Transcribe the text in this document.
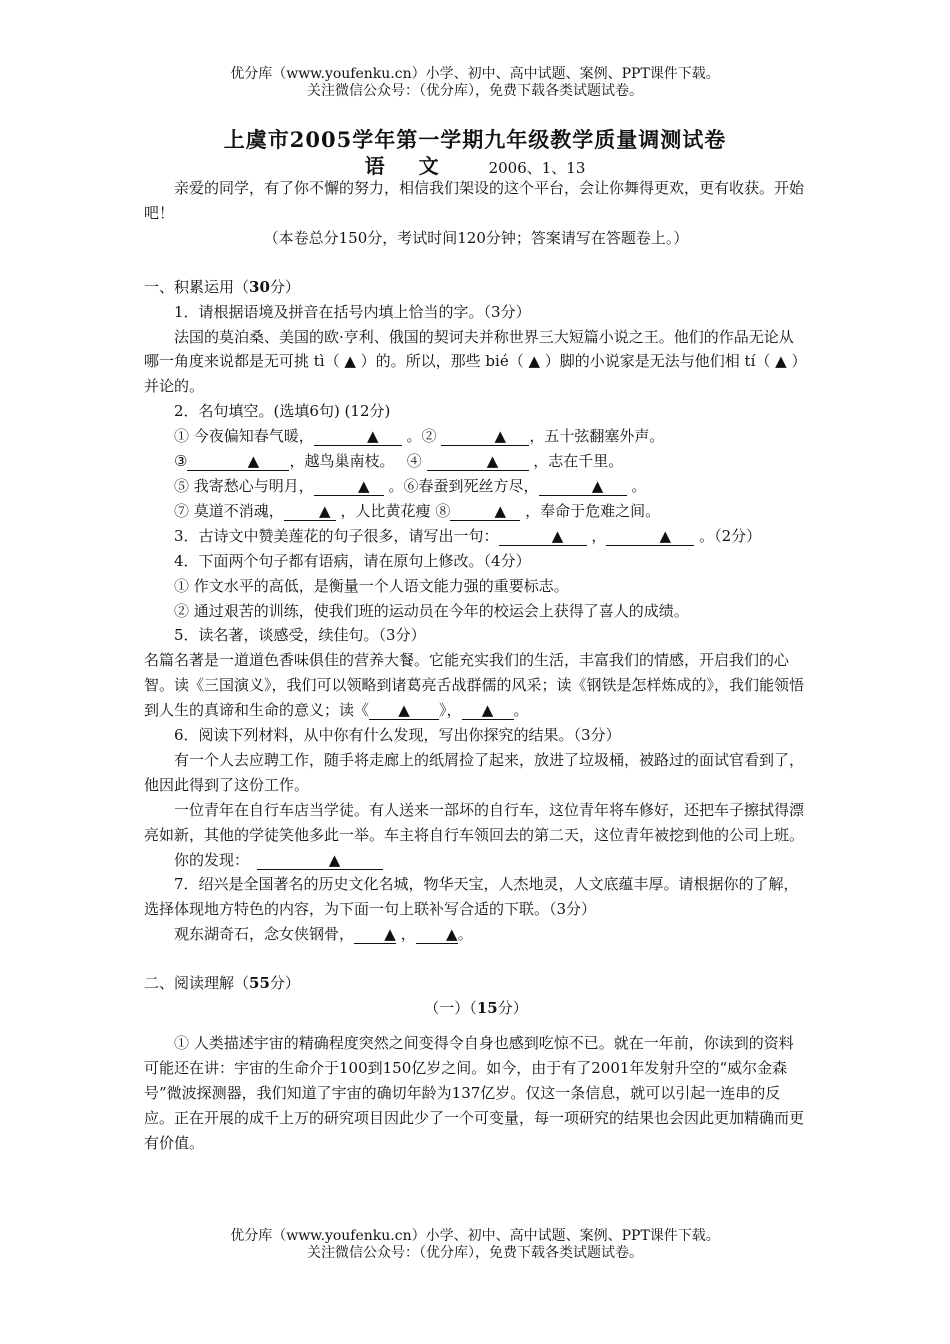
优分库（www.youfenku.cn）小学、初中、高中试题、案例、PPT课件下载。
关注微信公众号：（优分库），免费下载各类试题试卷。
上虞市2005学年第一学期九年级教学质量调测试卷
语文 2006、1、13

亲爱的同学，有了你不懈的努力，相信我们架设的这个平台，会让你舞得更欢，更有收获。开始吧！

（本卷总分150分，考试时间120分钟；答案请写在答题卷上。）

一、积累运用（30分）

1．请根据语境及拼音在括号内填上恰当的字。（3分）

法国的莫泊桑、美国的欧·亨利、俄国的契诃夫并称世界三大短篇小说之王。他们的作品无论从哪一角度来说都是无可挑 tì（ ▲ ）的。所以，那些 bié（ ▲ ）脚的小说家是无法与他们相 tí（ ▲ ）并论的。

2．名句填空。(选填6句) (12分)

① 今夜偏知春气暖，	▲ 。②	▲ ，五十弦翻塞外声。

③	▲ ，越鸟巢南枝。　 ④	▲ ，志在千里。

⑤ 我寄愁心与明月，	▲ 。⑥春蚕到死丝方尽，	▲ 。

⑦ 莫道不消魂， ▲ ，人比黄花瘦 ⑧	▲ ，奉命于危难之间。

3．古诗文中赞美莲花的句子很多，请写出一句：	▲ ，	▲ 。（2分）

4．下面两个句子都有语病，请在原句上修改。（4分）

① 作文水平的高低，是衡量一个人语文能力强的重要标志。

② 通过艰苦的训练，使我们班的运动员在今年的校运会上获得了喜人的成绩。

5．读名著，谈感受，续佳句。（3分）

名篇名著是一道道色香味俱佳的营养大餐。它能充实我们的生活，丰富我们的情感，开启我们的心智。读《三国演义》，我们可以领略到诸葛亮舌战群儒的风采；读《钢铁是怎样炼成的》，我们能领悟到人生的真谛和生命的意义；读《 ▲ 》， ▲ 。

6．阅读下列材料，从中你有什么发现，写出你探究的结果。（3分）

有一个人去应聘工作，随手将走廊上的纸屑捡了起来，放进了垃圾桶，被路过的面试官看到了，他因此得到了这份工作。

一位青年在自行车店当学徒。有人送来一部坏的自行车，这位青年将车修好，还把车子擦拭得漂亮如新，其他的学徒笑他多此一举。车主将自行车领回去的第二天，这位青年被挖到他的公司上班。

你的发现：　	▲

7．绍兴是全国著名的历史文化名城，物华天宝，人杰地灵，人文底蕴丰厚。请根据你的了解，选择体现地方特色的内容，为下面一句上联补写合适的下联。（3分）

观东湖奇石，念女侠钢骨， ▲ ， ▲。

二、阅读理解（55分）

（一）（15分）

① 人类描述宇宙的精确程度突然之间变得令自身也感到吃惊不已。就在一年前，你读到的资料可能还在讲：宇宙的生命介于100到150亿岁之间。如今，由于有了2001年发射升空的“威尔金森号”微波探测器，我们知道了宇宙的确切年龄为137亿岁。仅这一条信息，就可以引起一连串的反应。正在开展的成千上万的研究项目因此少了一个可变量，每一项研究的结果也会因此更加精确而更有价值。

优分库（www.youfenku.cn）小学、初中、高中试题、案例、PPT课件下载。
关注微信公众号：（优分库），免费下载各类试题试卷。
